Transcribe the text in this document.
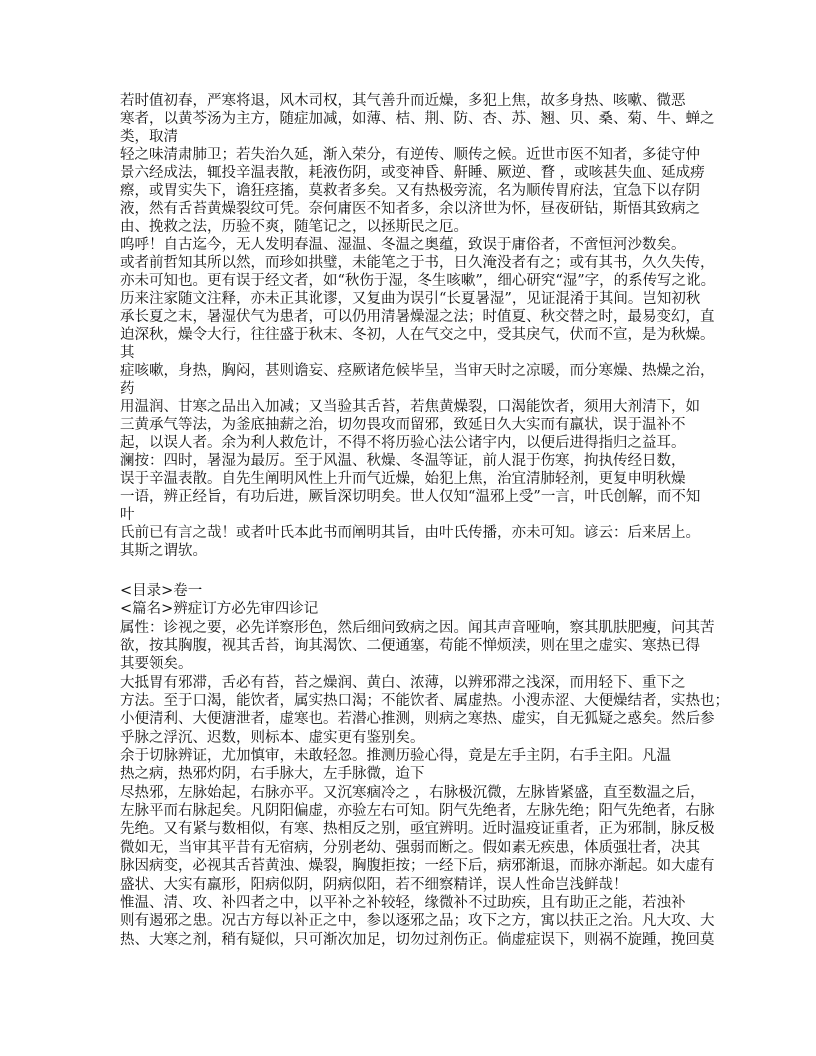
若时值初春，严寒将退，风木司权，其气善升而近燥，多犯上焦，故多身热、咳嗽、微恶
寒者，以黄芩汤为主方，随症加减，如薄、桔、荆、防、杏、苏、翘、贝、桑、菊、牛、蝉之
类，取清
轻之味清肃肺卫；若失治久延，渐入荣分，有逆传、顺传之候。近世市医不知者，多徒守仲
景六经成法，辄投辛温表散，耗液伤阴，或变神昏、鼾睡、厥逆、瞀 ，或咳甚失血、延成痨
瘵，或胃实失下，谵狂痉搐，莫救者多矣。又有热极旁流，名为顺传胃府法，宜急下以存阴
液，然有舌苔黄燥裂纹可凭。奈何庸医不知者多，余以济世为怀，昼夜研钻，斯悟其致病之
由、挽救之法，历验不爽，随笔记之，以拯斯民之厄。
呜呼！自古迄今，无人发明春温、湿温、冬温之奥蕴，致误于庸俗者，不啻恒河沙数矣。
或者前哲知其所以然，而珍如拱璧，未能笔之于书，日久淹没者有之；或有其书，久久失传，
亦未可知也。更有误于经文者，如“秋伤于湿，冬生咳嗽”，细心研究“湿”字，的系传写之讹。
历来注家随文注释，亦未正其讹谬，又复曲为误引“长夏暑湿”，见证混淆于其间。岂知初秋
承长夏之末，暑湿伏气为患者，可以仍用清暑燥湿之法；时值夏、秋交替之时，最易变幻，直
迫深秋，燥令大行，往往盛于秋末、冬初，人在气交之中，受其戾气，伏而不宣，是为秋燥。
其
症咳嗽，身热，胸闷，甚则谵妄、痉厥诸危候毕呈，当审天时之凉暖，而分寒燥、热燥之治，
药
用温润、甘寒之品出入加减；又当验其舌苔，若焦黄燥裂，口渴能饮者，须用大剂清下，如
三黄承气等法，为釜底抽薪之治，切勿畏攻而留邪，致延日久大实而有羸状，误于温补不
起，以误人者。余为利人救危计，不得不将历验心法公诸宇内，以便后进得指归之益耳。
澜按：四时，暑湿为最厉。至于风温、秋燥、冬温等证，前人混于伤寒，拘执传经日数，
误于辛温表散。自先生阐明风性上升而气近燥，始犯上焦，治宜清肺轻剂，更复申明秋燥
一语，辨正经旨，有功后进，厥旨深切明矣。世人仅知“温邪上受”一言，叶氏创解，而不知
叶
氏前已有言之哉！或者叶氏本此书而阐明其旨，由叶氏传播，亦未可知。谚云：后来居上。
其斯之谓欤。
<目录>卷一
<篇名>辨症订方必先审四诊记
属性：诊视之要，必先详察形色，然后细问致病之因。闻其声音哑响，察其肌肤肥瘦，问其苦
欲，按其胸腹，视其舌苔，询其渴饮、二便通塞，苟能不惮烦渎，则在里之虚实、寒热已得
其要领矣。
大抵胃有邪滞，舌必有苔，苔之燥润、黄白、浓薄，以辨邪滞之浅深，而用轻下、重下之
方法。至于口渴，能饮者，属实热口渴；不能饮者、属虚热。小溲赤涩、大便燥结者，实热也；
小便清利、大便溏泄者，虚寒也。若潜心推测，则病之寒热、虚实，自无狐疑之惑矣。然后参
乎脉之浮沉、迟数，则标本、虚实更有鉴别矣。
余于切脉辨证，尤加慎审，未敢轻忽。推测历验心得，竟是左手主阴，右手主阳。凡温
热之病，热邪灼阴，右手脉大，左手脉微，迨下
尽热邪，左脉始起，右脉亦平。又沉寒痼冷之 ，右脉极沉微，左脉皆紧盛，直至数温之后，
左脉平而右脉起矣。凡阴阳偏虚，亦验左右可知。阴气先绝者，左脉先绝；阳气先绝者，右脉
先绝。又有紧与数相似，有寒、热相反之别，亟宜辨明。近时温疫证重者，正为邪制，脉反极
微如无，当审其平昔有无宿病，分别老幼、强弱而断之。假如素无疾患，体质强壮者，决其
脉因病变，必视其舌苔黄浊、燥裂，胸腹拒按；一经下后，病邪渐退，而脉亦渐起。如大虚有
盛状、大实有羸形，阳病似阴，阴病似阳，若不细察精详，误人性命岂浅鲜哉！
惟温、清、攻、补四者之中，以平补之补较轻，缘微补不过助疾，且有助正之能，若浊补
则有遏邪之患。况古方每以补正之中，参以逐邪之品；攻下之方，寓以扶正之治。凡大攻、大
热、大寒之剂，稍有疑似，只可渐次加足，切勿过剂伤正。倘虚症误下，则祸不旋踵，挽回莫
